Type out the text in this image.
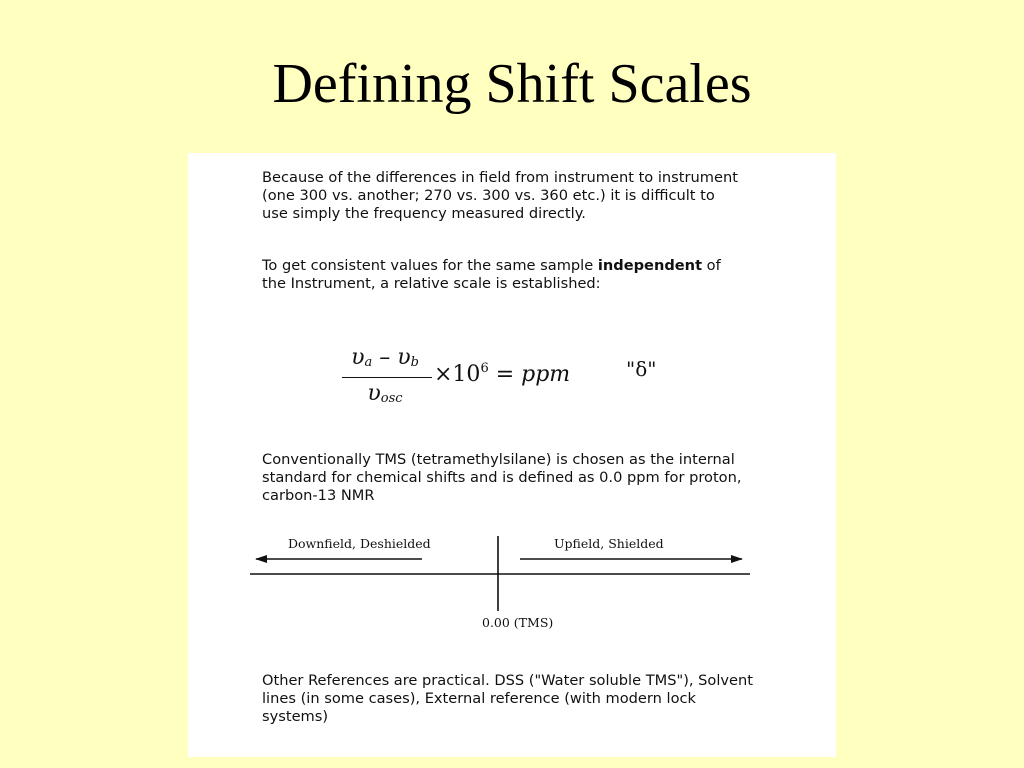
Defining Shift Scales

Because of the differences in field from instrument to instrument (one 300 vs. another; 270 vs. 300 vs. 360 etc.) it is difficult to use simply the frequency measured directly.

To get consistent values for the same sample independent of the Instrument, a relative scale is established:

υa – υb
υosc
$\times 10^6$ = ppm	"δ"

Conventionally TMS (tetramethylsilane) is chosen as the internal standard for chemical shifts and is defined as 0.0 ppm for proton, carbon-13 NMR

Downfield, Deshielded	Upfield, Shielded
0.00 (TMS)

Other References are practical. DSS ("Water soluble TMS"), Solvent lines (in some cases), External reference (with modern lock systems)
